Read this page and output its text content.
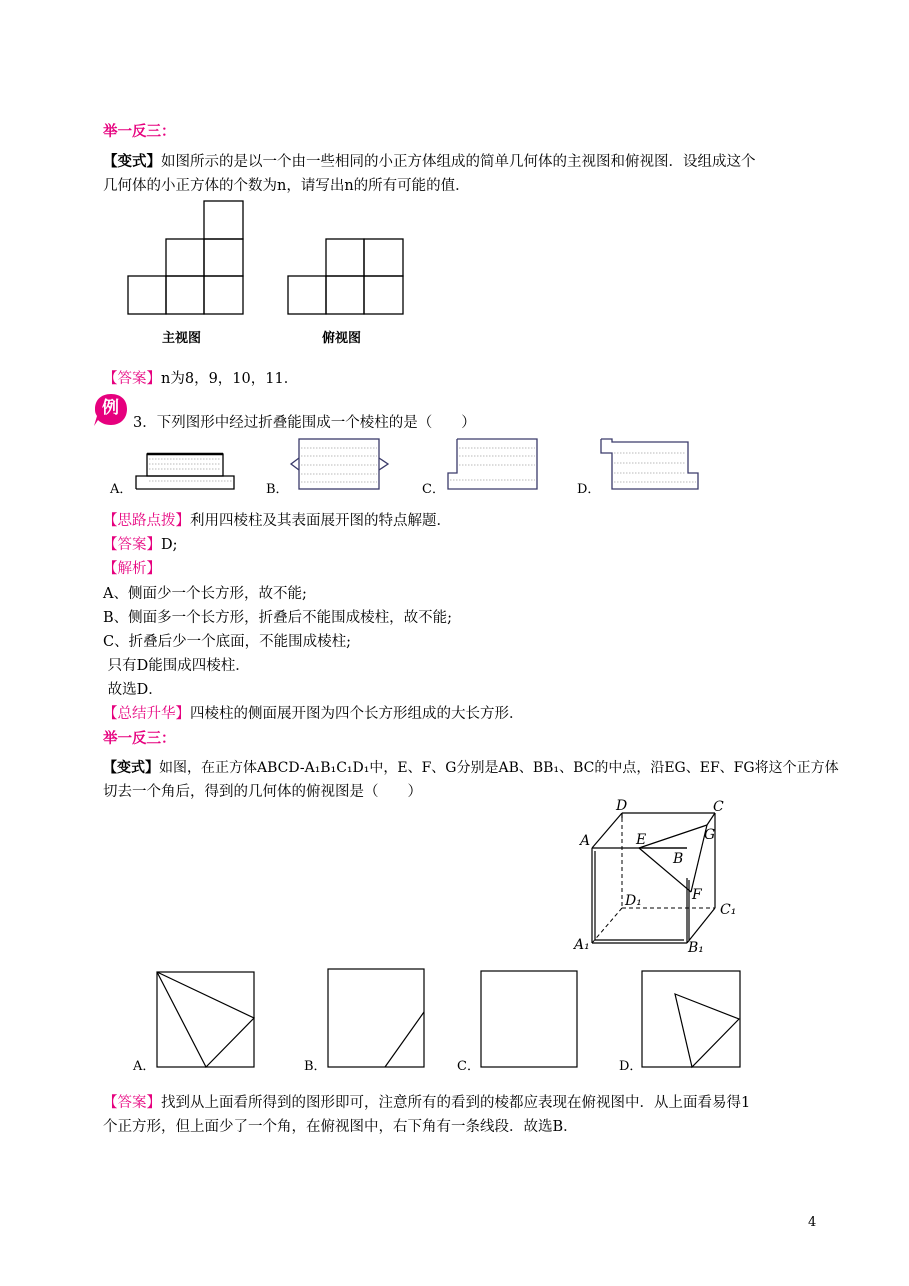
举一反三：
【变式】如图所示的是以一个由一些相同的小正方体组成的简单几何体的主视图和俯视图．设组成这个
几何体的小正方体的个数为n，请写出n的所有可能的值．
主视图	俯视图
【答案】n为8，9，10，11．
例
3．下列图形中经过折叠能围成一个棱柱的是（　　）
A．	B．	C．	D．
【思路点拨】利用四棱柱及其表面展开图的特点解题．
【答案】D;
【解析】
A、侧面少一个长方形，故不能;
B、侧面多一个长方形，折叠后不能围成棱柱，故不能;
C、折叠后少一个底面，不能围成棱柱;
只有D能围成四棱柱．
故选D．
【总结升华】四棱柱的侧面展开图为四个长方形组成的大长方形．
举一反三：
【变式】如图，在正方体ABCD-A₁B₁C₁D₁中，E、F、G分别是AB、BB₁、BC的中点，沿EG、EF、FG将这个正方体
切去一个角后，得到的几何体的俯视图是（　　）
D	C
A	E	G
B
F
D₁
C₁
A₁	B₁
A．	B．	C．	D．
【答案】找到从上面看所得到的图形即可，注意所有的看到的棱都应表现在俯视图中．从上面看易得1
个正方形，但上面少了一个角，在俯视图中，右下角有一条线段．故选B．
4
